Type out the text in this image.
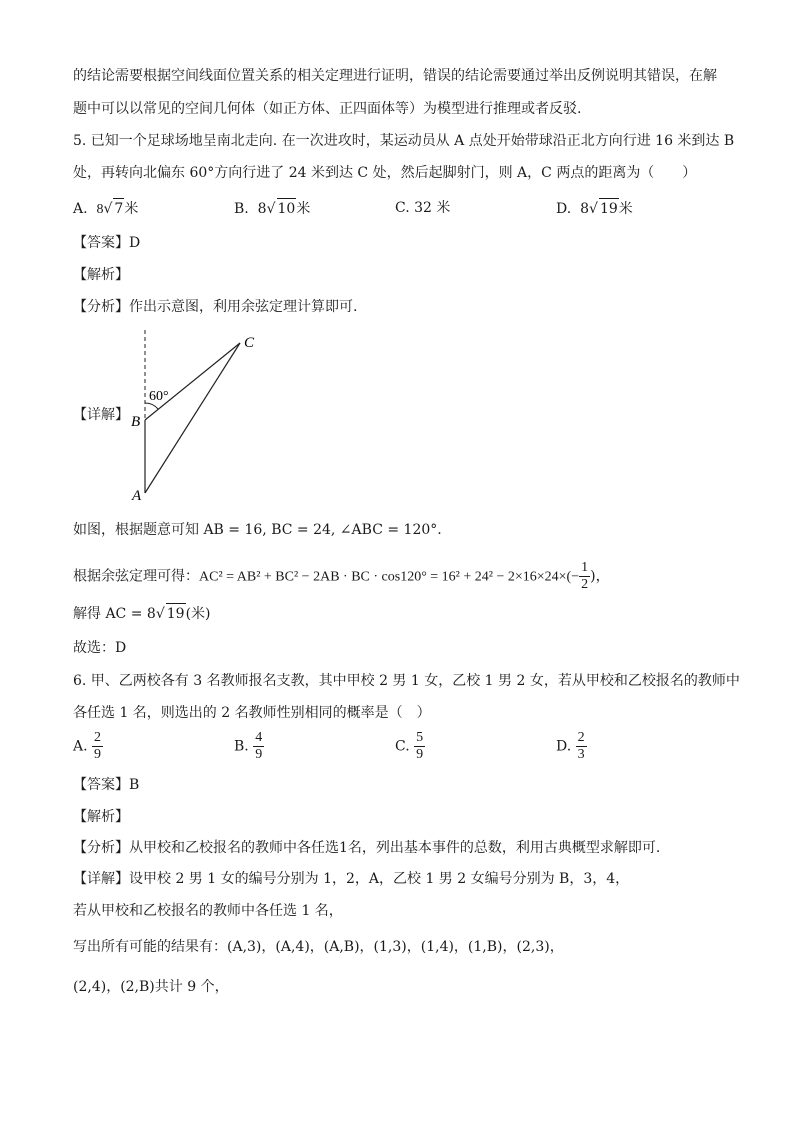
的结论需要根据空间线面位置关系的相关定理进行证明，错误的结论需要通过举出反例说明其错误，在解
题中可以以常见的空间几何体（如正方体、正四面体等）为模型进行推理或者反驳.
5. 已知一个足球场地呈南北走向. 在一次进攻时，某运动员从 A 点处开始带球沿正北方向行进 16 米到达 B
处，再转向北偏东 60°方向行进了 24 米到达 C 处，然后起脚射门，则 A，C 两点的距离为（　　）
A. 8√ 7米	B. 8√ 10米	C. 32 米	D. 8√ 19米
【答案】D
【解析】
【分析】作出示意图，利用余弦定理计算即可.
【详解】
60°
B
A
C
如图，根据题意可知 AB = 16, BC = 24, ∠ABC = 120°.
根据余弦定理可得：AC² = AB² + BC² − 2AB · BC · $\cos 120^\circ = 16^2 + 24^2 - 2\times 16\times 24\times(- \frac{1}{2}$ )，
解得 AC = 8√ 19(米)
故选：D
6. 甲、乙两校各有 3 名教师报名支教，其中甲校 2 男 1 女，乙校 1 男 2 女，若从甲校和乙校报名的教师中
各任选 1 名，则选出的 2 名教师性别相同的概率是（　）
A. $\frac{2}{9}$	B. $\frac{4}{9}$	C. $\frac{5}{9}$	D. $\frac{2}{3}$
【答案】B
【解析】
【分析】从甲校和乙校报名的教师中各任选1名，列出基本事件的总数，利用古典概型求解即可.
【详解】设甲校 2 男 1 女的编号分别为 1，2，A，乙校 1 男 2 女编号分别为 B，3，4，
若从甲校和乙校报名的教师中各任选 1 名，
写出所有可能的结果有：(A,3)，(A,4)，(A,B)，(1,3)，(1,4)，(1,B)，(2,3)，
(2,4)，(2,B)共计 9 个，
